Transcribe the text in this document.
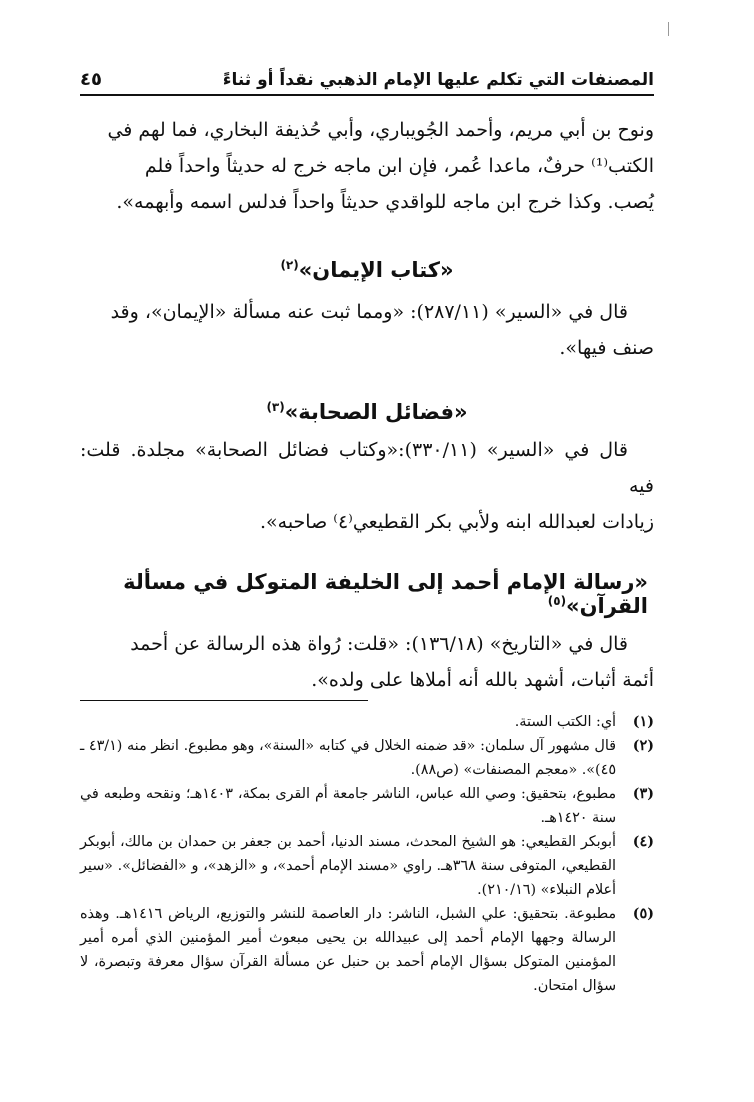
المصنفات التي تكلم عليها الإمام الذهبي نقداً أو ثناءً
٤٥

ونوح بن أبي مريم، وأحمد الجُويباري، وأبي حُذيفة البخاري، فما لهم في
الكتب⁽¹⁾ حرفٌ، ماعدا عُمر، فإن ابن ماجه خرج له حديثاً واحداً فلم
يُصب. وكذا خرج ابن ماجه للواقدي حديثاً واحداً فدلس اسمه وأبهمه».

«كتاب الإيمان»$^{(٢)}$

قال في «السير» (٢٨٧/١١): «ومما ثبت عنه مسألة «الإيمان»، وقد
صنف فيها».

«فضائل الصحابة»$^{(٣)}$

قال في «السير» (٣٣٠/١١):«وكتاب فضائل الصحابة» مجلدة. قلت: فيه
زيادات لعبدالله ابنه ولأبي بكر القطيعي⁽٤⁾ صاحبه».

«رسالة الإمام أحمد إلى الخليفة المتوكل في مسألة القرآن»$^{(٥)}$

قال في «التاريخ» (١٣٦/١٨): «قلت: رُواة هذه الرسالة عن أحمد
أئمة أثبات، أشهد بالله أنه أملاها على ولده».

(١)
أي: الكتب الستة.
(٢)
قال مشهور آل سلمان: «قد ضمنه الخلال في كتابه «السنة»، وهو مطبوع. انظر منه (٤٣/١ ـ ٤٥)». «معجم المصنفات» (ص٨٨).
(٣)
مطبوع، بتحقيق: وصي الله عباس، الناشر جامعة أم القرى بمكة، ١٤٠٣هـ؛ ونقحه وطبعه في سنة ١٤٢٠هـ.
(٤)
أبوبكر القطيعي: هو الشيخ المحدث، مسند الدنيا، أحمد بن جعفر بن حمدان بن مالك، أبوبكر القطيعي، المتوفى سنة ٣٦٨هـ. راوي «مسند الإمام أحمد»، و «الزهد»، و «الفضائل». «سير أعلام النبلاء» (٢١٠/١٦).
(٥)
مطبوعة. بتحقيق: علي الشبل، الناشر: دار العاصمة للنشر والتوزيع، الرياض ١٤١٦هـ. وهذه الرسالة وجهها الإمام أحمد إلى عبيدالله بن يحيى مبعوث أمير المؤمنين الذي أمره أمير المؤمنين المتوكل بسؤال الإمام أحمد بن حنبل عن مسألة القرآن سؤال معرفة وتبصرة، لا سؤال امتحان.
